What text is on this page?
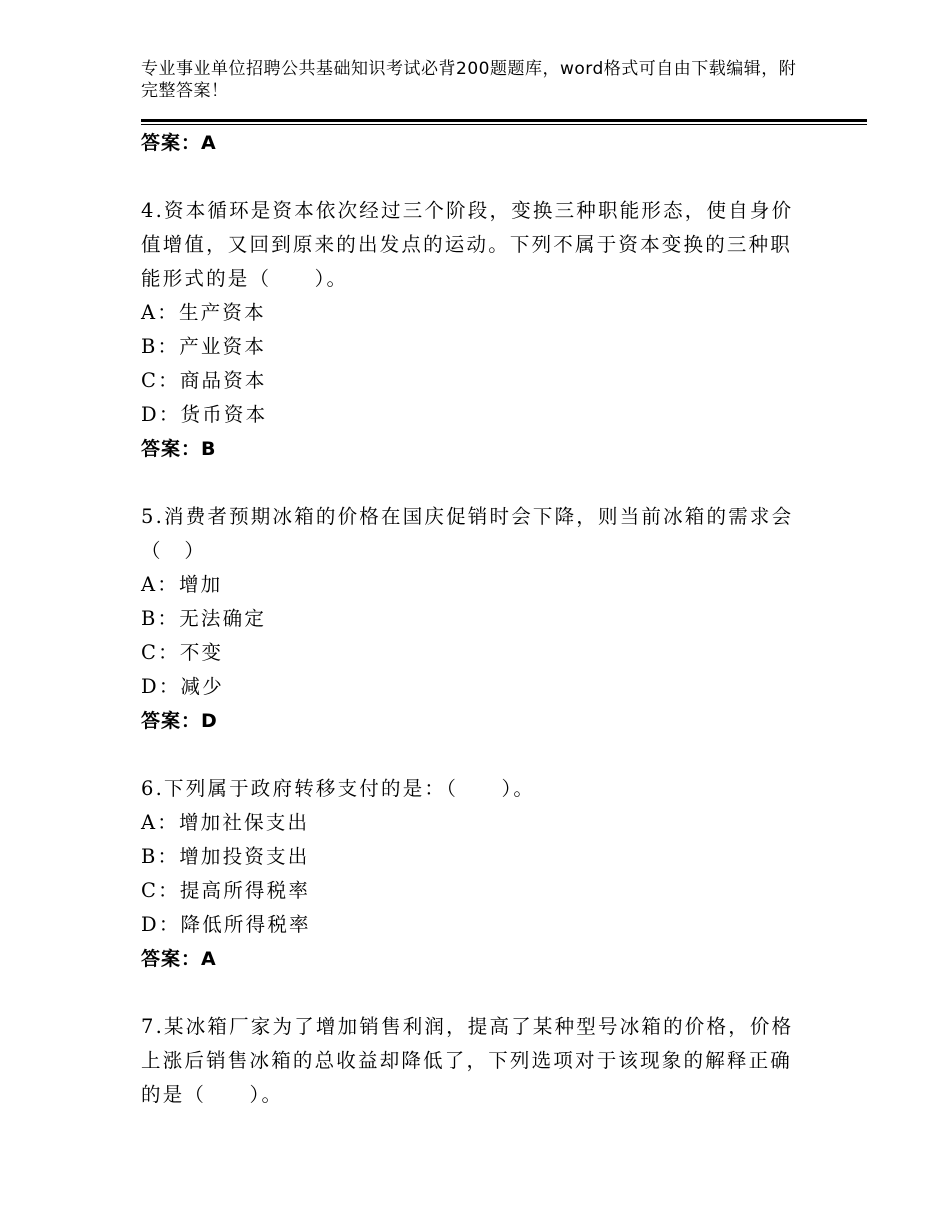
专业事业单位招聘公共基础知识考试必背200题题库，word格式可自由下载编辑，附完整答案！
答案：A
4.资本循环是资本依次经过三个阶段，变换三种职能形态，使自身价值增值，又回到原来的出发点的运动。下列不属于资本变换的三种职能形式的是（　　）。
A：生产资本
B：产业资本
C：商品资本
D：货币资本
答案：B
5.消费者预期冰箱的价格在国庆促销时会下降，则当前冰箱的需求会（　）
A：增加
B：无法确定
C：不变
D：减少
答案：D
6.下列属于政府转移支付的是：（　　）。
A：增加社保支出
B：增加投资支出
C：提高所得税率
D：降低所得税率
答案：A
7.某冰箱厂家为了增加销售利润，提高了某种型号冰箱的价格，价格上涨后销售冰箱的总收益却降低了，下列选项对于该现象的解释正确的是（　　）。
